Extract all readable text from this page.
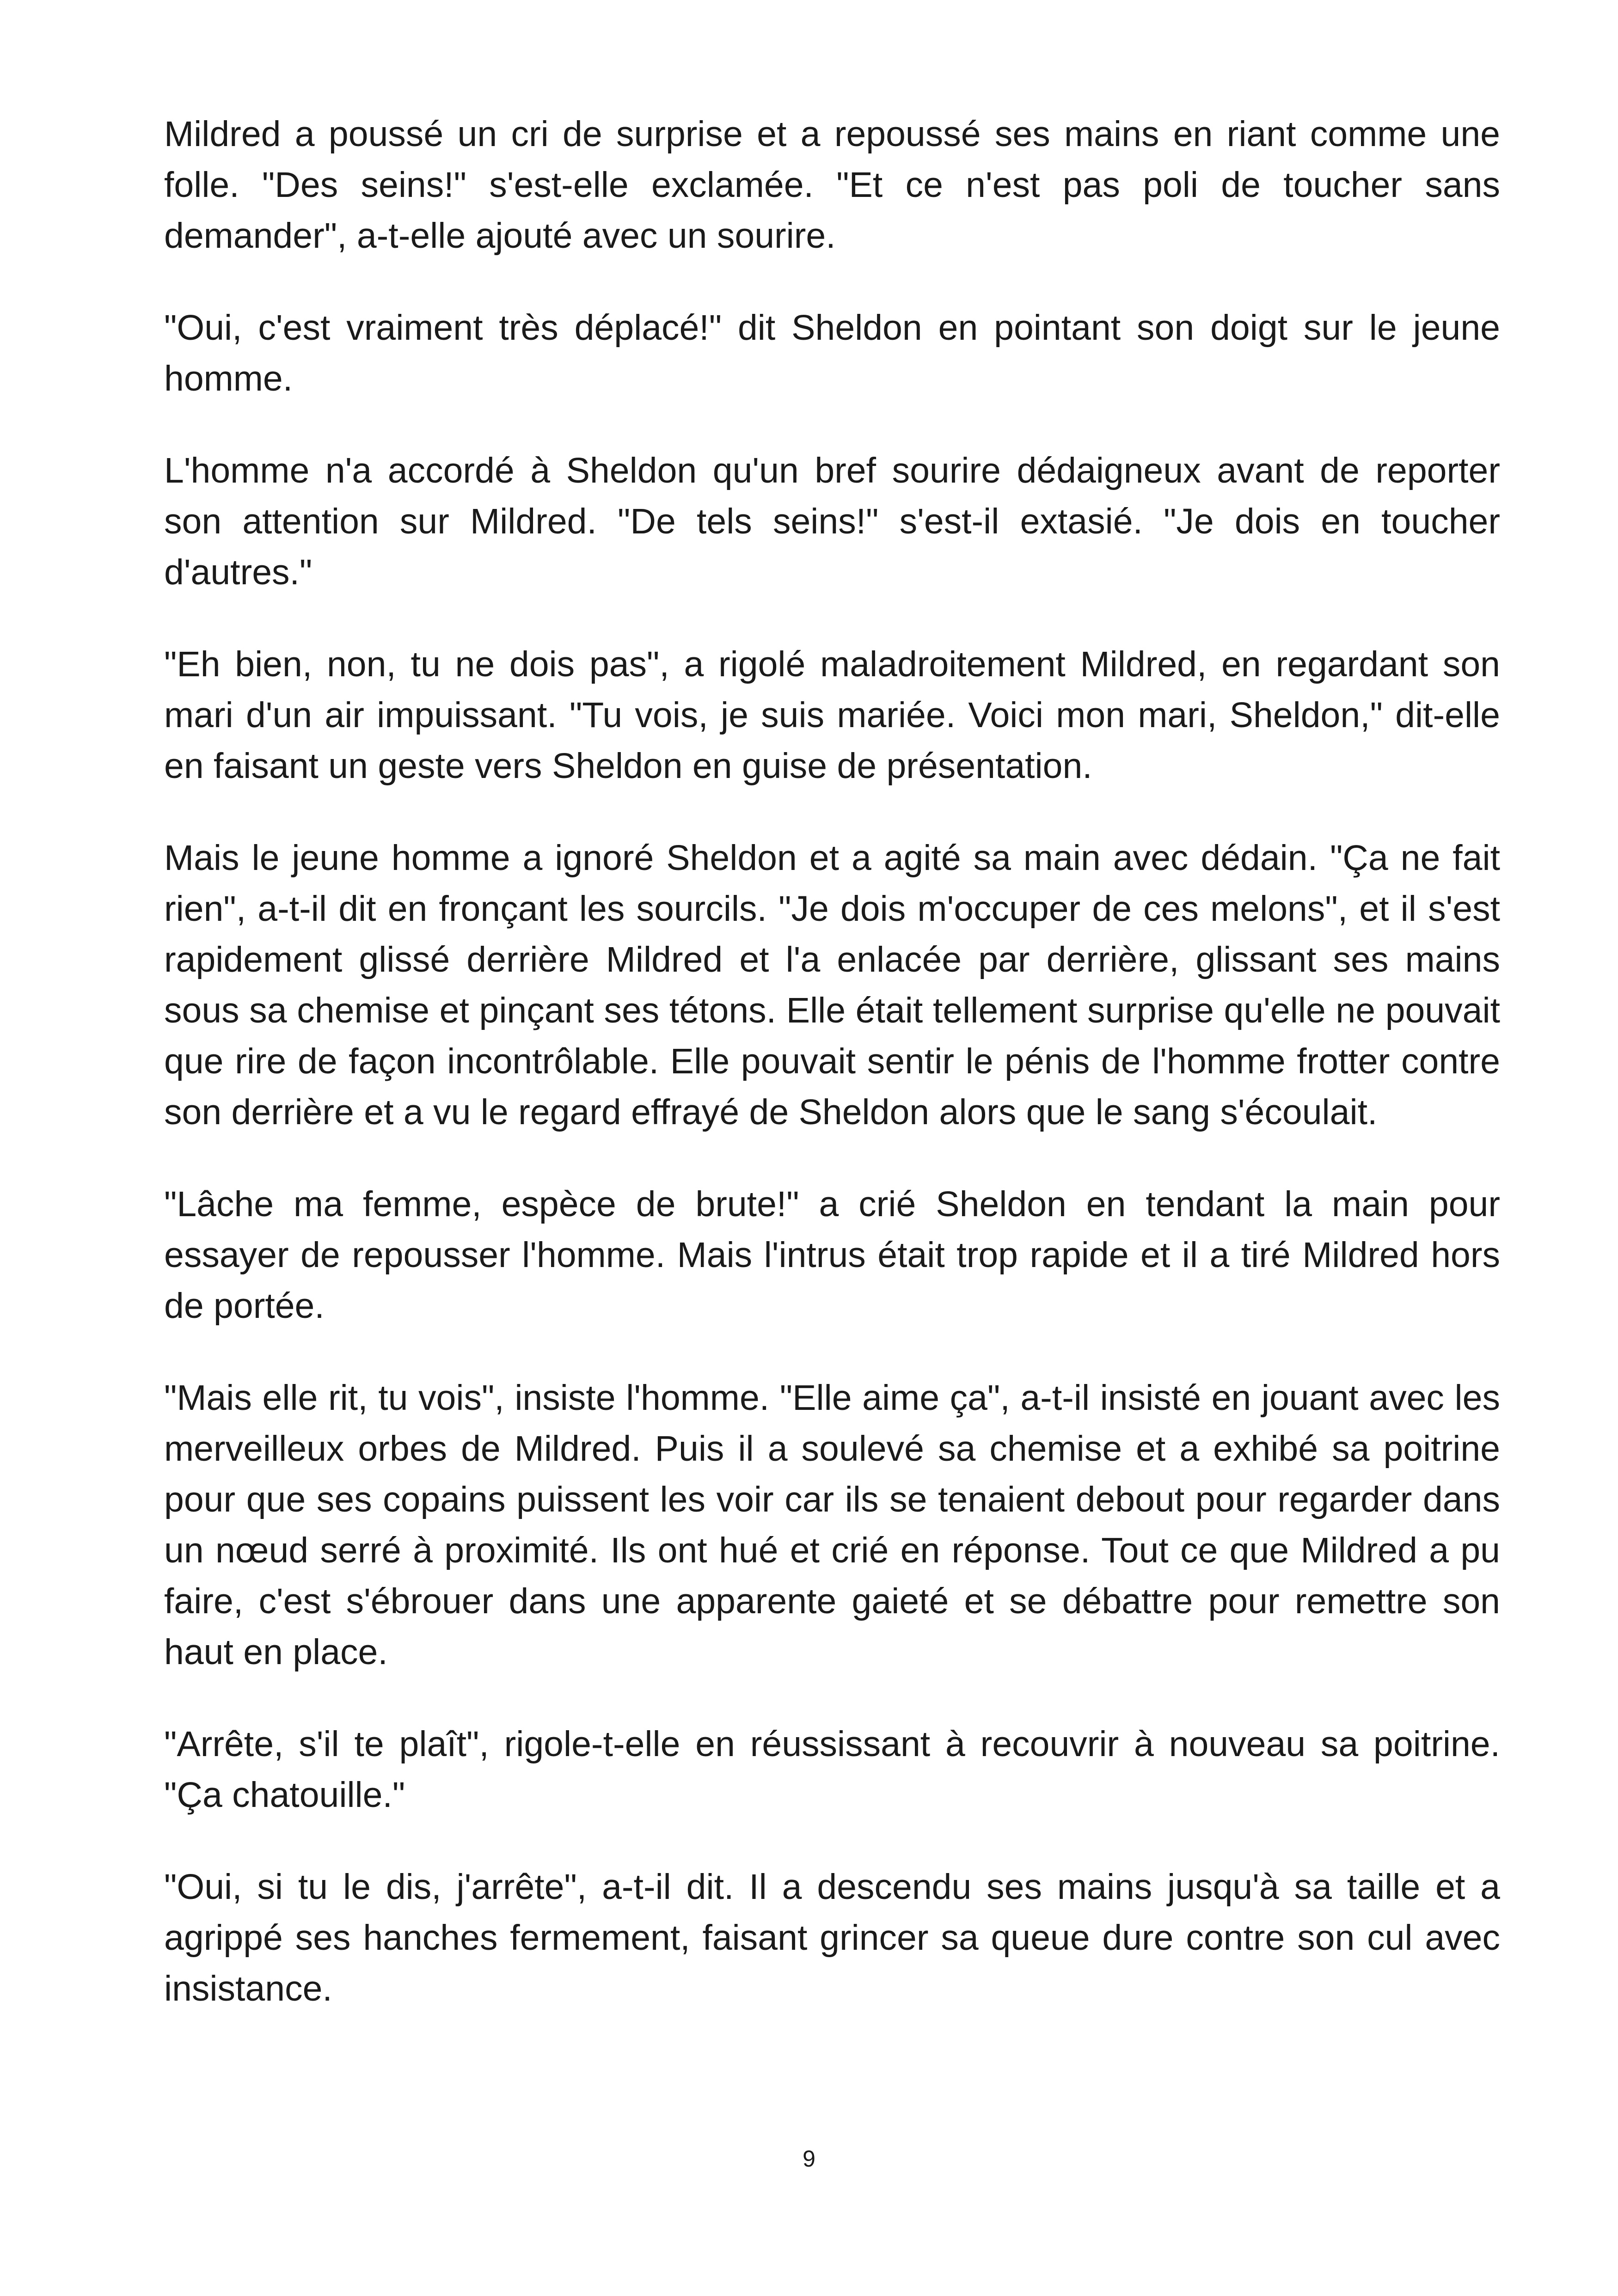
Mildred a poussé un cri de surprise et a repoussé ses mains en riant comme une folle. "Des seins!" s'est-elle exclamée. "Et ce n'est pas poli de toucher sans demander", a-t-elle ajouté avec un sourire.

"Oui, c'est vraiment très déplacé!" dit Sheldon en pointant son doigt sur le jeune homme.

L'homme n'a accordé à Sheldon qu'un bref sourire dédaigneux avant de reporter son attention sur Mildred. "De tels seins!" s'est-il extasié. "Je dois en toucher d'autres."

"Eh bien, non, tu ne dois pas", a rigolé maladroitement Mildred, en regardant son mari d'un air impuissant. "Tu vois, je suis mariée. Voici mon mari, Sheldon," dit-elle en faisant un geste vers Sheldon en guise de présentation.

Mais le jeune homme a ignoré Sheldon et a agité sa main avec dédain. "Ça ne fait rien", a-t-il dit en fronçant les sourcils. "Je dois m'occuper de ces melons", et il s'est rapidement glissé derrière Mildred et l'a enlacée par derrière, glissant ses mains sous sa chemise et pinçant ses tétons. Elle était tellement surprise qu'elle ne pouvait que rire de façon incontrôlable. Elle pouvait sentir le pénis de l'homme frotter contre son derrière et a vu le regard effrayé de Sheldon alors que le sang s'écoulait.

"Lâche ma femme, espèce de brute!" a crié Sheldon en tendant la main pour essayer de repousser l'homme. Mais l'intrus était trop rapide et il a tiré Mildred hors de portée.

"Mais elle rit, tu vois", insiste l'homme. "Elle aime ça", a-t-il insisté en jouant avec les merveilleux orbes de Mildred. Puis il a soulevé sa chemise et a exhibé sa poitrine pour que ses copains puissent les voir car ils se tenaient debout pour regarder dans un nœud serré à proximité. Ils ont hué et crié en réponse. Tout ce que Mildred a pu faire, c'est s'ébrouer dans une apparente gaieté et se débattre pour remettre son haut en place.

"Arrête, s'il te plaît", rigole-t-elle en réussissant à recouvrir à nouveau sa poitrine. "Ça chatouille."

"Oui, si tu le dis, j'arrête", a-t-il dit. Il a descendu ses mains jusqu'à sa taille et a agrippé ses hanches fermement, faisant grincer sa queue dure contre son cul avec insistance.

9
